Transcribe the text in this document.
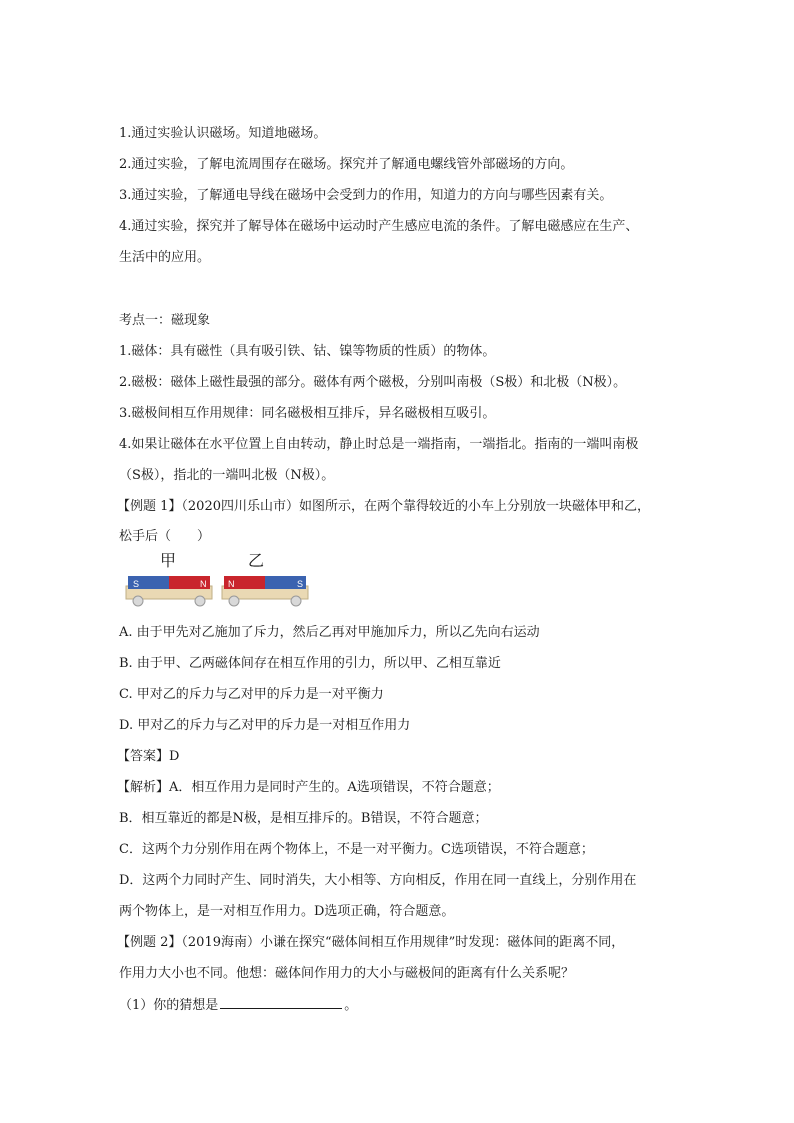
1.通过实验认识磁场。知道地磁场。
2.通过实验，了解电流周围存在磁场。探究并了解通电螺线管外部磁场的方向。
3.通过实验，了解通电导线在磁场中会受到力的作用，知道力的方向与哪些因素有关。
4.通过实验，探究并了解导体在磁场中运动时产生感应电流的条件。了解电磁感应在生产、
生活中的应用。
考点一：磁现象
1.磁体：具有磁性（具有吸引铁、钴、镍等物质的性质）的物体。
2.磁极：磁体上磁性最强的部分。磁体有两个磁极，分别叫南极（S极）和北极（N极）。
3.磁极间相互作用规律：同名磁极相互排斥，异名磁极相互吸引。
4.如果让磁体在水平位置上自由转动，静止时总是一端指南，一端指北。指南的一端叫南极
（S极），指北的一端叫北极（N极）。
【例题 1】（2020四川乐山市）如图所示，在两个靠得较近的小车上分别放一块磁体甲和乙，
松手后（　　）
甲	乙
S	N N	S
A. 由于甲先对乙施加了斥力，然后乙再对甲施加斥力，所以乙先向右运动
B. 由于甲、乙两磁体间存在相互作用的引力，所以甲、乙相互靠近
C. 甲对乙的斥力与乙对甲的斥力是一对平衡力
D. 甲对乙的斥力与乙对甲的斥力是一对相互作用力
【答案】D
【解析】A．相互作用力是同时产生的。A选项错误，不符合题意；
B．相互靠近的都是N极，是相互排斥的。B错误，不符合题意；
C．这两个力分别作用在两个物体上，不是一对平衡力。C选项错误，不符合题意；
D．这两个力同时产生、同时消失，大小相等、方向相反，作用在同一直线上，分别作用在
两个物体上，是一对相互作用力。D选项正确，符合题意。
【例题 2】（2019海南）小谦在探究“磁体间相互作用规律”时发现：磁体间的距离不同，
作用力大小也不同。他想：磁体间作用力的大小与磁极间的距离有什么关系呢？
（1）你的猜想是	。
